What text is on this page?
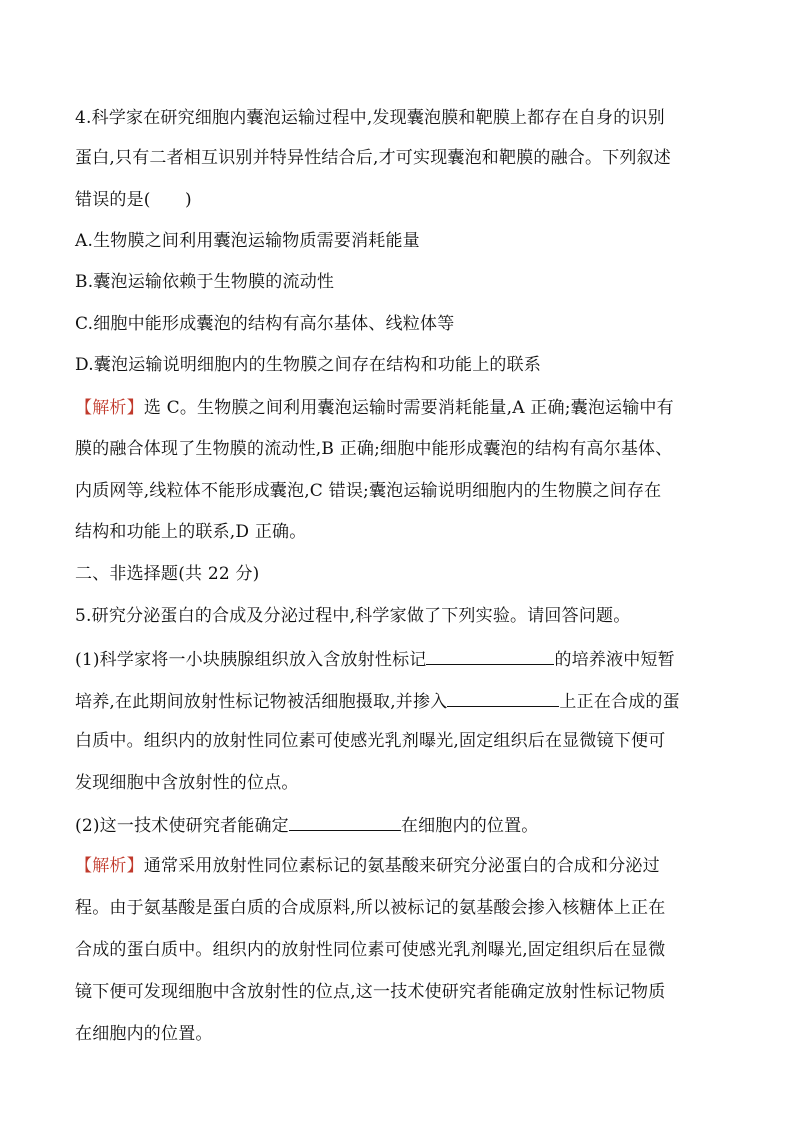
4.科学家在研究细胞内囊泡运输过程中,发现囊泡膜和靶膜上都存在自身的识别
蛋白,只有二者相互识别并特异性结合后,才可实现囊泡和靶膜的融合。下列叙述
错误的是(　　)
A.生物膜之间利用囊泡运输物质需要消耗能量
B.囊泡运输依赖于生物膜的流动性
C.细胞中能形成囊泡的结构有高尔基体、线粒体等
D.囊泡运输说明细胞内的生物膜之间存在结构和功能上的联系
【解析】选 C。生物膜之间利用囊泡运输时需要消耗能量,A 正确;囊泡运输中有
膜的融合体现了生物膜的流动性,B 正确;细胞中能形成囊泡的结构有高尔基体、
内质网等,线粒体不能形成囊泡,C 错误;囊泡运输说明细胞内的生物膜之间存在
结构和功能上的联系,D 正确。
二、非选择题(共 22 分)
5.研究分泌蛋白的合成及分泌过程中,科学家做了下列实验。请回答问题。
(1)科学家将一小块胰腺组织放入含放射性标记	的培养液中短暂
培养,在此期间放射性标记物被活细胞摄取,并掺入	上正在合成的蛋
白质中。组织内的放射性同位素可使感光乳剂曝光,固定组织后在显微镜下便可
发现细胞中含放射性的位点。
(2)这一技术使研究者能确定	在细胞内的位置。
【解析】通常采用放射性同位素标记的氨基酸来研究分泌蛋白的合成和分泌过
程。由于氨基酸是蛋白质的合成原料,所以被标记的氨基酸会掺入核糖体上正在
合成的蛋白质中。组织内的放射性同位素可使感光乳剂曝光,固定组织后在显微
镜下便可发现细胞中含放射性的位点,这一技术使研究者能确定放射性标记物质
在细胞内的位置。
